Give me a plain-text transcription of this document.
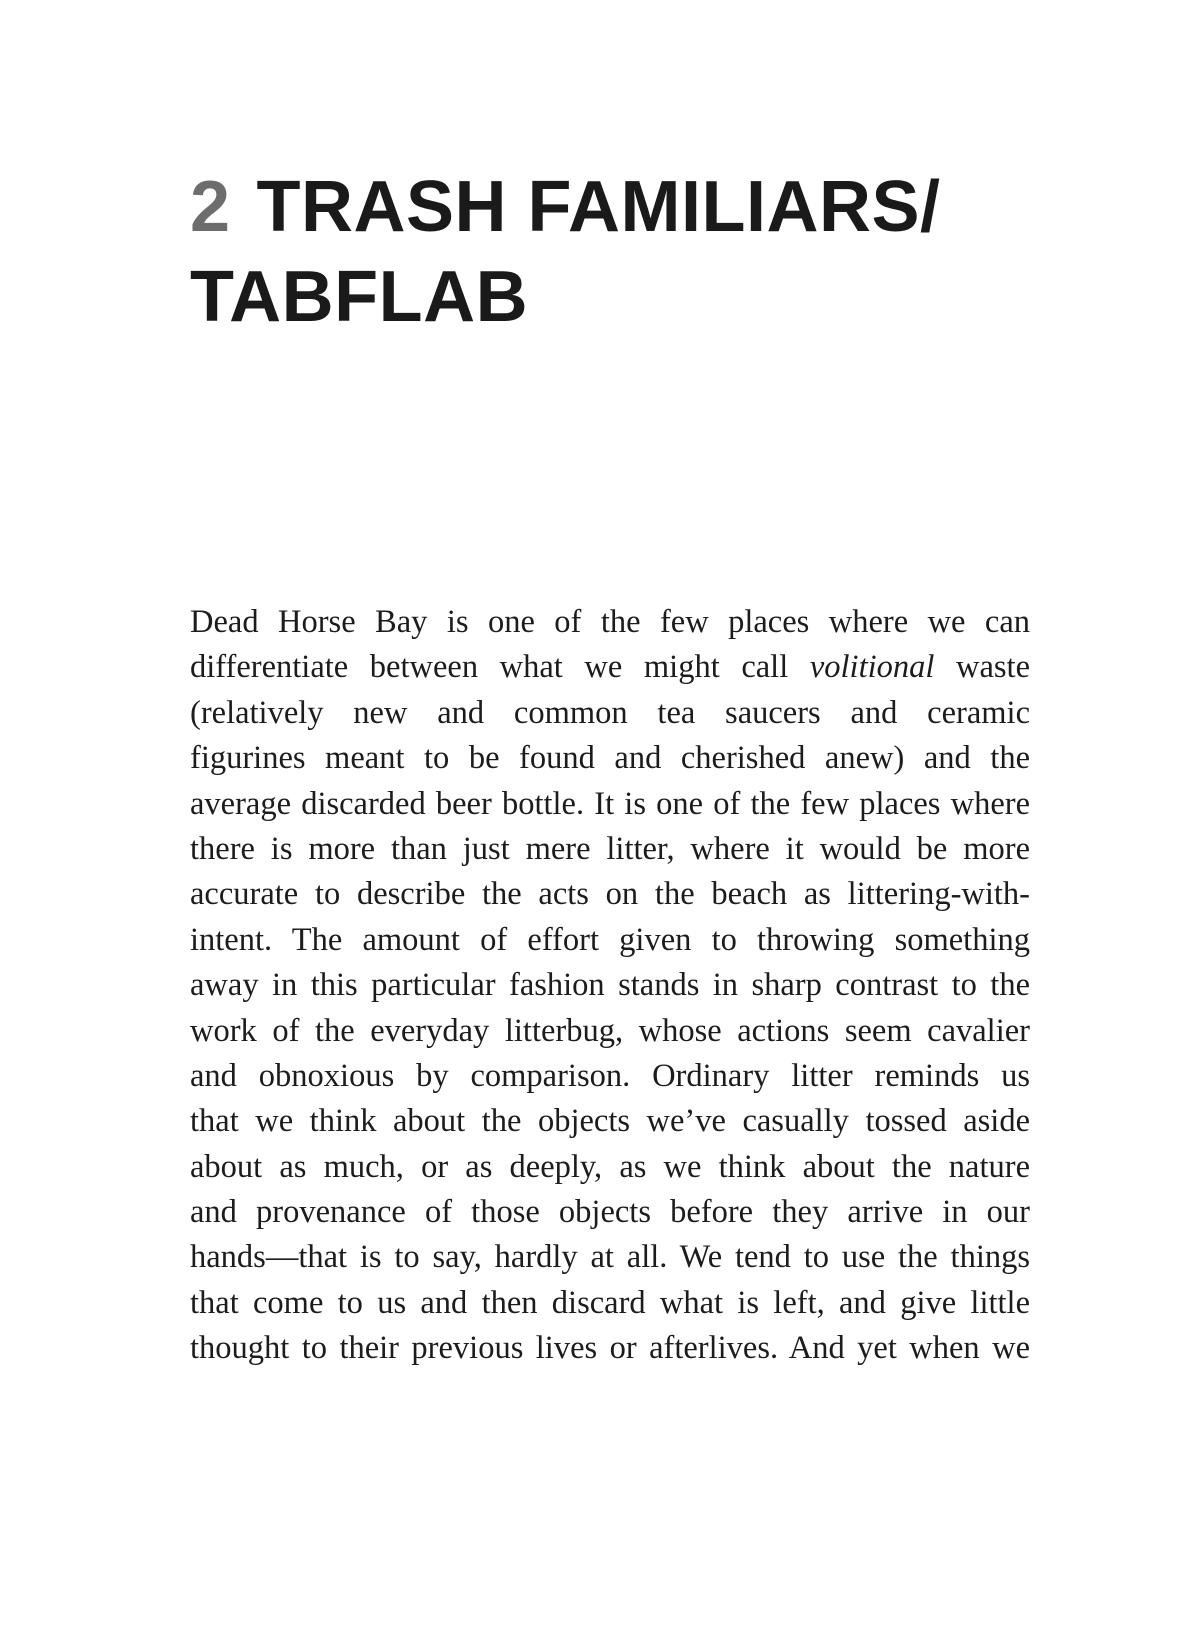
2 TRASH FAMILIARS/
TABFLAB
Dead Horse Bay is one of the few places where we can
differentiate between what we might call volitional waste
(relatively new and common tea saucers and ceramic
figurines meant to be found and cherished anew) and the
average discarded beer bottle. It is one of the few places where
there is more than just mere litter, where it would be more
accurate to describe the acts on the beach as littering-with-
intent. The amount of effort given to throwing something
away in this particular fashion stands in sharp contrast to the
work of the everyday litterbug, whose actions seem cavalier
and obnoxious by comparison. Ordinary litter reminds us
that we think about the objects we’ve casually tossed aside
about as much, or as deeply, as we think about the nature
and provenance of those objects before they arrive in our
hands—that is to say, hardly at all. We tend to use the things
that come to us and then discard what is left, and give little
thought to their previous lives or afterlives. And yet when we
